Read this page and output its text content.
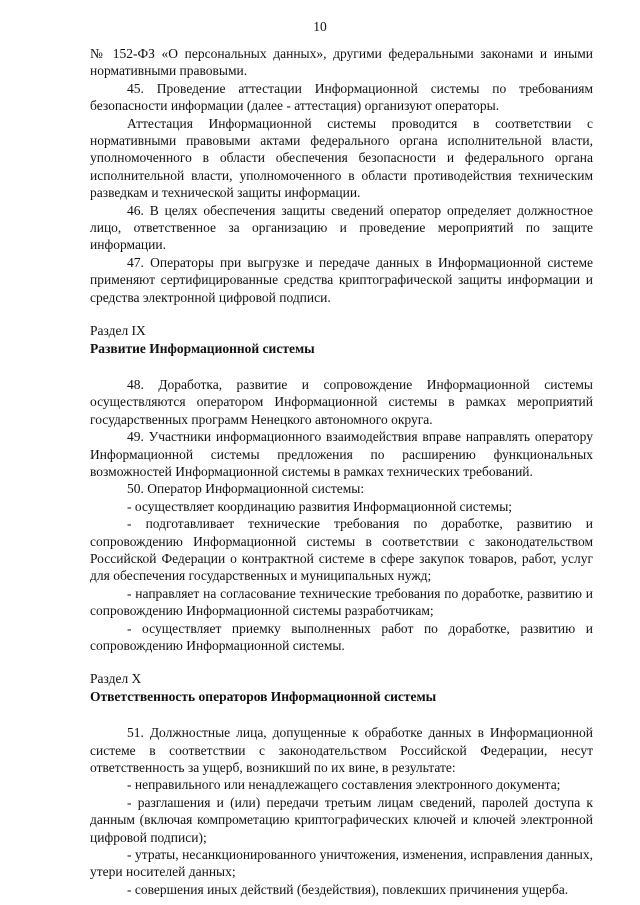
10

№ 152-ФЗ «О персональных данных», другими федеральными законами и иными нормативными правовыми.

45. Проведение аттестации Информационной системы по требованиям безопасности информации (далее - аттестация) организуют операторы.

Аттестация Информационной системы проводится в соответствии с нормативными правовыми актами федерального органа исполнительной власти, уполномоченного в области обеспечения безопасности и федерального органа исполнительной власти, уполномоченного в области противодействия техническим разведкам и технической защиты информации.

46. В целях обеспечения защиты сведений оператор определяет должностное лицо, ответственное за организацию и проведение мероприятий по защите информации.

47. Операторы при выгрузке и передаче данных в Информационной системе применяют сертифицированные средства криптографической защиты информации и средства электронной цифровой подписи.

Раздел IX

Развитие Информационной системы

48. Доработка, развитие и сопровождение Информационной системы осуществляются оператором Информационной системы в рамках мероприятий государственных программ Ненецкого автономного округа.

49. Участники информационного взаимодействия вправе направлять оператору Информационной системы предложения по расширению функциональных возможностей Информационной системы в рамках технических требований.

50. Оператор Информационной системы:

- осуществляет координацию развития Информационной системы;

- подготавливает технические требования по доработке, развитию и сопровождению Информационной системы в соответствии с законодательством Российской Федерации о контрактной системе в сфере закупок товаров, работ, услуг для обеспечения государственных и муниципальных нужд;

- направляет на согласование технические требования по доработке, развитию и сопровождению Информационной системы разработчикам;

- осуществляет приемку выполненных работ по доработке, развитию и сопровождению Информационной системы.

Раздел X

Ответственность операторов Информационной системы

51. Должностные лица, допущенные к обработке данных в Информационной системе в соответствии с законодательством Российской Федерации, несут ответственность за ущерб, возникший по их вине, в результате:

- неправильного или ненадлежащего составления электронного документа;

- разглашения и (или) передачи третьим лицам сведений, паролей доступа к данным (включая компрометацию криптографических ключей и ключей электронной цифровой подписи);

- утраты, несанкционированного уничтожения, изменения, исправления данных, утери носителей данных;

- совершения иных действий (бездействия), повлекших причинения ущерба.
